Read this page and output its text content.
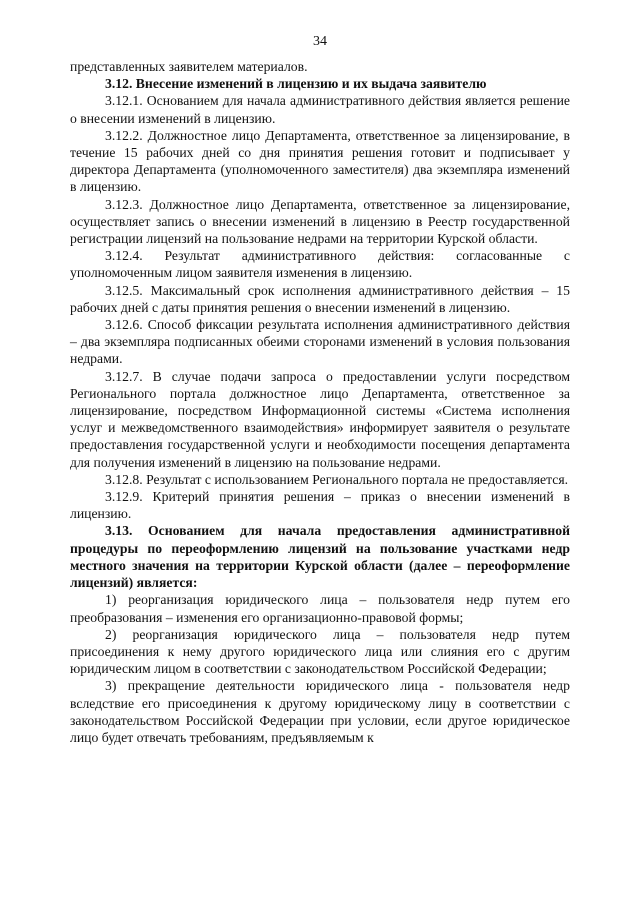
34

представленных заявителем материалов.

3.12. Внесение изменений в лицензию и их выдача заявителю

3.12.1. Основанием для начала административного действия является решение о внесении изменений в лицензию.

3.12.2. Должностное лицо Департамента, ответственное за лицензирование, в течение 15 рабочих дней со дня принятия решения готовит и подписывает у директора Департамента (уполномоченного заместителя) два экземпляра изменений в лицензию.

3.12.3. Должностное лицо Департамента, ответственное за лицензирование, осуществляет запись о внесении изменений в лицензию в Реестр государственной регистрации лицензий на пользование недрами на территории Курской области.

3.12.4. Результат административного действия: согласованные с уполномоченным лицом заявителя изменения в лицензию.

3.12.5. Максимальный срок исполнения административного действия – 15 рабочих дней с даты принятия решения о внесении изменений в лицензию.

3.12.6. Способ фиксации результата исполнения административного действия – два экземпляра подписанных обеими сторонами изменений в условия пользования недрами.

3.12.7. В случае подачи запроса о предоставлении услуги посредством Регионального портала должностное лицо Департамента, ответственное за лицензирование, посредством Информационной системы «Система исполнения услуг и межведомственного взаимодействия» информирует заявителя о результате предоставления государственной услуги и необходимости посещения департамента для получения изменений в лицензию на пользование недрами.

3.12.8. Результат с использованием Регионального портала не предоставляется.

3.12.9. Критерий принятия решения – приказ о внесении изменений в лицензию.

3.13. Основанием для начала предоставления административной процедуры по переоформлению лицензий на пользование участками недр местного значения на территории Курской области (далее – переоформление лицензий) является:

1) реорганизация юридического лица – пользователя недр путем его преобразования – изменения его организационно-правовой формы;

2) реорганизация юридического лица – пользователя недр путем присоединения к нему другого юридического лица или слияния его с другим юридическим лицом в соответствии с законодательством Российской Федерации;

3) прекращение деятельности юридического лица - пользователя недр вследствие его присоединения к другому юридическому лицу в соответствии с законодательством Российской Федерации при условии, если другое юридическое лицо будет отвечать требованиям, предъявляемым к
